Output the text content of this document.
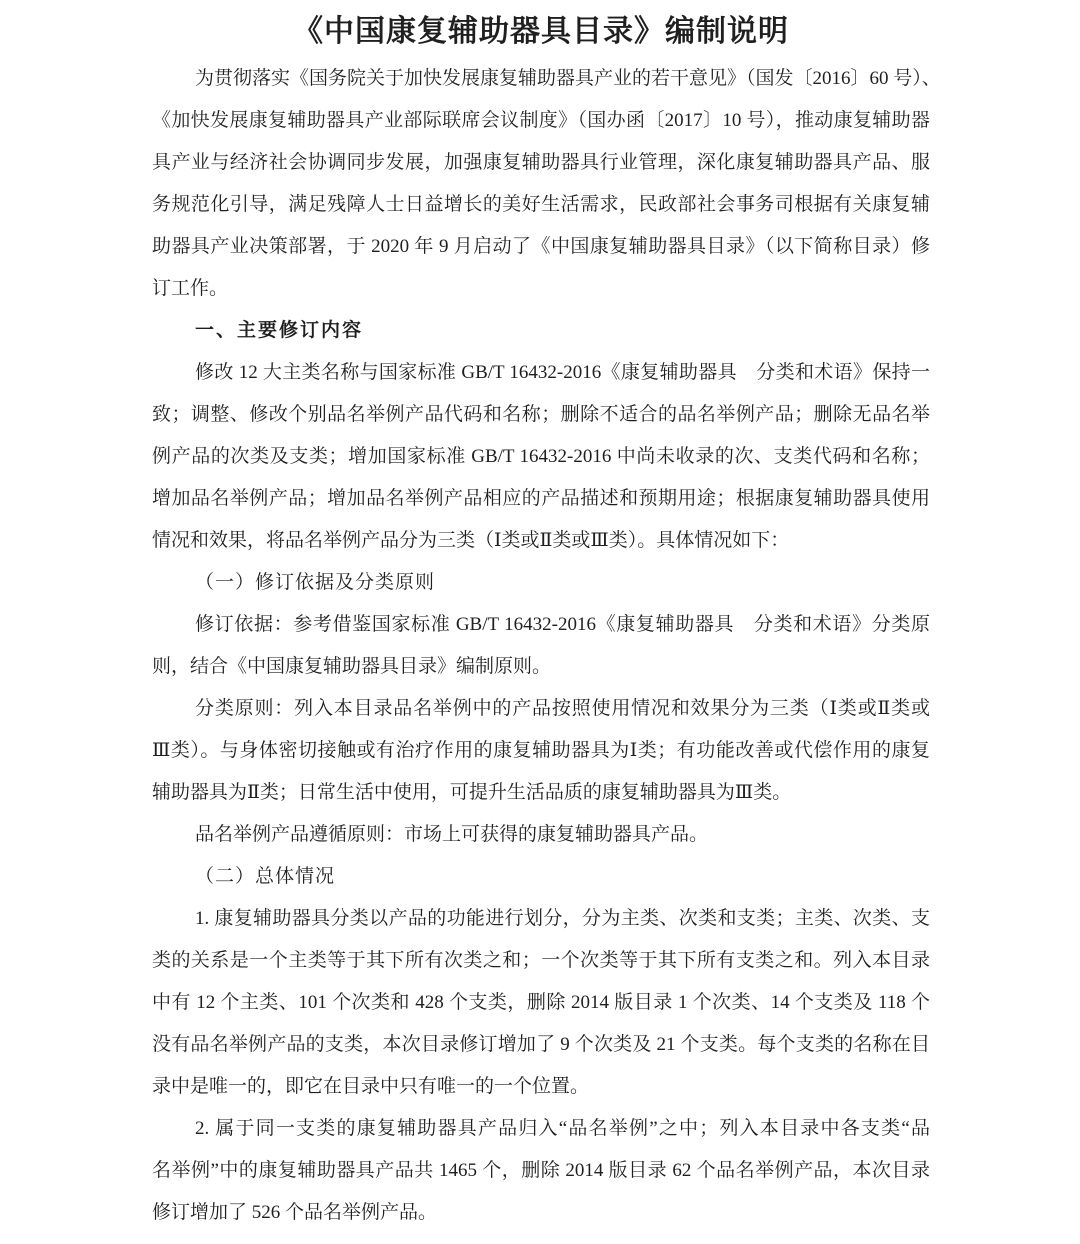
《中国康复辅助器具目录》编制说明
为贯彻落实《国务院关于加快发展康复辅助器具产业的若干意见》（国发〔2016〕60 号）、
《加快发展康复辅助器具产业部际联席会议制度》（国办函〔2017〕10 号），推动康复辅助器
具产业与经济社会协调同步发展，加强康复辅助器具行业管理，深化康复辅助器具产品、服
务规范化引导，满足残障人士日益增长的美好生活需求，民政部社会事务司根据有关康复辅
助器具产业决策部署，于 2020 年 9 月启动了《中国康复辅助器具目录》（以下简称目录）修
订工作。
一、主要修订内容
修改 12 大主类名称与国家标准 GB/T 16432-2016《康复辅助器具　分类和术语》保持一
致；调整、修改个别品名举例产品代码和名称；删除不适合的品名举例产品；删除无品名举
例产品的次类及支类；增加国家标准 GB/T 16432-2016 中尚未收录的次、支类代码和名称；
增加品名举例产品；增加品名举例产品相应的产品描述和预期用途；根据康复辅助器具使用
情况和效果，将品名举例产品分为三类（Ⅰ类或Ⅱ类或Ⅲ类）。具体情况如下：
（一）修订依据及分类原则
修订依据：参考借鉴国家标准 GB/T 16432-2016《康复辅助器具　分类和术语》分类原
则，结合《中国康复辅助器具目录》编制原则。
分类原则：列入本目录品名举例中的产品按照使用情况和效果分为三类（Ⅰ类或Ⅱ类或
Ⅲ类）。与身体密切接触或有治疗作用的康复辅助器具为Ⅰ类；有功能改善或代偿作用的康复
辅助器具为Ⅱ类；日常生活中使用，可提升生活品质的康复辅助器具为Ⅲ类。
品名举例产品遵循原则：市场上可获得的康复辅助器具产品。
（二）总体情况
1. 康复辅助器具分类以产品的功能进行划分，分为主类、次类和支类；主类、次类、支
类的关系是一个主类等于其下所有次类之和；一个次类等于其下所有支类之和。列入本目录
中有 12 个主类、101 个次类和 428 个支类，删除 2014 版目录 1 个次类、14 个支类及 118 个
没有品名举例产品的支类，本次目录修订增加了 9 个次类及 21 个支类。每个支类的名称在目
录中是唯一的，即它在目录中只有唯一的一个位置。
2. 属于同一支类的康复辅助器具产品归入“品名举例”之中；列入本目录中各支类“品
名举例”中的康复辅助器具产品共 1465 个，删除 2014 版目录 62 个品名举例产品，本次目录
修订增加了 526 个品名举例产品。
